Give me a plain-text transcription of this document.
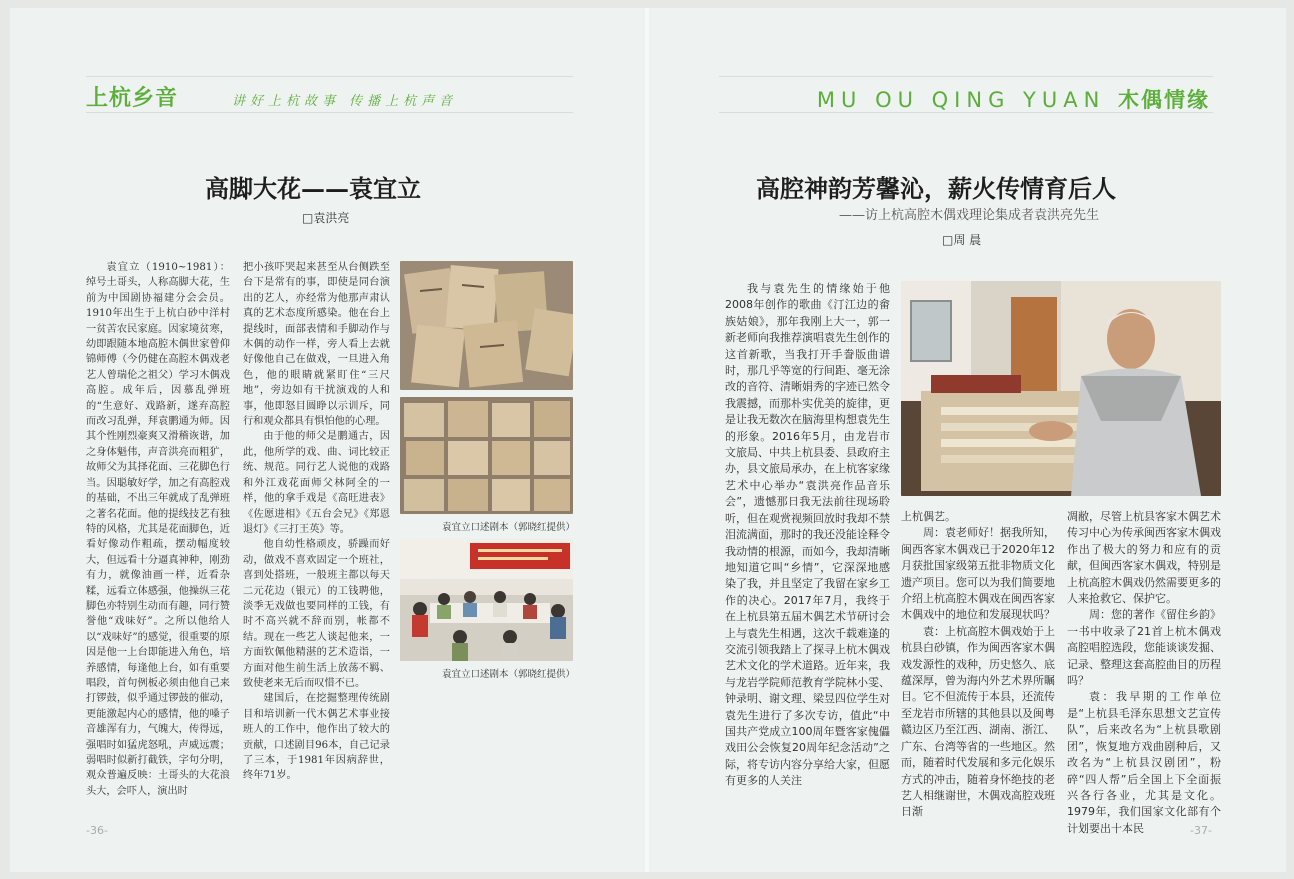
上杭乡音	讲好上杭故事 传播上杭声音
高脚大花——袁宜立
□袁洪亮

袁宜立（1910~1981）：绰号土哥头，人称高脚大花，生前为中国剧协福建分会会员。1910年出生于上杭白砂中洋村一贫苦农民家庭。因家境贫寒，幼即跟随本地高腔木偶世家曾仰锦师傅（今仍健在高腔木偶戏老艺人曾瑞伦之祖父）学习木偶戏高腔。成年后，因慕乱弹班的“生意好、戏路新，遂弃高腔而改习乱弹，拜袁鹏通为师。因其个性刚烈豪爽又滑稽诙谐，加之身体魁伟，声音洪亮而粗犷，故师父为其择花面、三花脚色行当。因聪敏好学，加之有高腔戏的基础，不出三年就成了乱弹班之著名花面。他的提线技艺有独特的风格，尤其是花面脚色，近看好像动作粗疏，摆动幅度较大，但远看十分逼真神种，刚劲有力，就像油画一样，近看杂糅，远看立体感强，他操纵三花脚色亦特别生动而有趣，同行赞誉他“戏味好”。之所以他给人以“戏味好”的感觉，很重要的原因是他一上台即能进入角色，培养感情，每逢他上台，如有重要唱段，首句例板必须由他自己来打锣鼓，似乎通过锣鼓的催动，更能激起内心的感情，他的嗓子音雄浑有力，气魄大，传得远，强唱时如猛虎怒吼，声威远震；弱唱时似新打截铁，字句分明，观众普遍反映：土哥头的大花浪头大，会吓人，演出时

把小孩吓哭起来甚至从台侧跌至台下是常有的事，即使是同台演出的艺人，亦经常为他那声肃认真的艺术态度所感染。他在台上提线时，面部表情和手脚动作与木偶的动作一样，旁人看上去就好像他自己在做戏，一旦进入角色，他的眼睛就紧盯住“三尺地”，旁边如有干扰演戏的人和事，他即怒目圆睁以示训斥，同行和观众都具有惧怕他的心理。

由于他的师父是鹏通古，因此，他所学的戏、曲、词比较正统、规范。同行艺人说他的戏路和外江戏花面师父林阿全的一样，他的拿手戏是《高旺进表》《佐愿进相》《五台会兄》《郑恩退灯》《三打王英》等。

他自幼性格顽皮，骄躁而好动，做戏不喜欢固定一个班社，喜到处搭班，一般班主都以每天二元花边（银元）的工钱聘他，淡季无戏做也要同样的工钱，有时不高兴就不辞而别，帐都不结。现在一些艺人谈起他来，一方面钦佩他精湛的艺术造诣，一方面对他生前生活上放荡不羁、致使老来无后而叹惜不已。

建国后，在挖掘整理传统剧目和培训新一代木偶艺术事业接班人的工作中，他作出了较大的贡献，口述剧目96本，自己记录了三本，于1981年因病辞世，终年71岁。

袁宜立口述剧本（郭晓红提供）
袁宜立口述剧本（郭晓红提供）
-36-
MU OU QING YUAN 木偶情缘
高腔神韵芳馨沁，薪火传情育后人
——访上杭高腔木偶戏理论集成者袁洪亮先生
□周 晨

我与袁先生的情缘始于他2008年创作的歌曲《汀江边的畲族姑娘》，那年我刚上大一，郭一新老师向我推荐演唱袁先生创作的这首新歌，当我打开手誊版曲谱时，那几乎等宽的行间距、毫无涂改的音符、清晰娟秀的字迹已然令我震撼，而那朴实优美的旋律，更是让我无数次在脑海里构想袁先生的形象。2016年5月，由龙岩市文旅局、中共上杭县委、县政府主办，县文旅局承办，在上杭客家缘艺术中心举办“袁洪亮作品音乐会”，遗憾那日我无法前往现场聆听，但在观赏视频回放时我却不禁泪流满面，那时的我还没能诠释令我动情的根源，而如今，我却清晰地知道它叫“乡情”，它深深地感染了我，并且坚定了我留在家乡工作的决心。2017年7月，我终于在上杭县第五届木偶艺术节研讨会上与袁先生相遇，这次千载难逢的交流引领我踏上了探寻上杭木偶戏艺术文化的学术道路。近年来，我与龙岩学院师范教育学院林小雯、钟录明、谢文理、梁昱四位学生对袁先生进行了多次专访，值此“中国共产党成立100周年暨客家傀儡戏田公会恢复20周年纪念活动”之际，将专访内容分享给大家，但愿有更多的人关注

上杭偶艺。

周：袁老师好！据我所知，闽西客家木偶戏已于2020年12月获批国家级第五批非物质文化遗产项目。您可以为我们简要地介绍上杭高腔木偶戏在闽西客家木偶戏中的地位和发展现状吗？

袁：上杭高腔木偶戏始于上杭县白砂镇，作为闽西客家木偶戏发源性的戏种，历史悠久、底蕴深厚，曾为海内外艺术界所瞩目。它不但流传于本县，还流传至龙岩市所辖的其他县以及闽粤赣边区乃至江西、湖南、浙江、广东、台湾等省的一些地区。然而，随着时代发展和多元化娱乐方式的冲击，随着身怀绝技的老艺人相继谢世，木偶戏高腔戏班日渐

凋敝，尽管上杭县客家木偶艺术传习中心为传承闽西客家木偶戏作出了极大的努力和应有的贡献，但闽西客家木偶戏，特别是上杭高腔木偶戏仍然需要更多的人来抢救它、保护它。

周：您的著作《留住乡韵》一书中收录了21首上杭木偶戏高腔唱腔选段，您能谈谈发掘、记录、整理这套高腔曲目的历程吗？

袁：我早期的工作单位是“上杭县毛泽东思想文艺宣传队”，后来改名为“上杭县歌剧团”，恢复地方戏曲剧种后，又改名为“上杭县汉剧团”，粉碎“四人帮”后全国上下全面振兴各行各业，尤其是文化。1979年，我们国家文化部有个计划要出十本民	-37-
